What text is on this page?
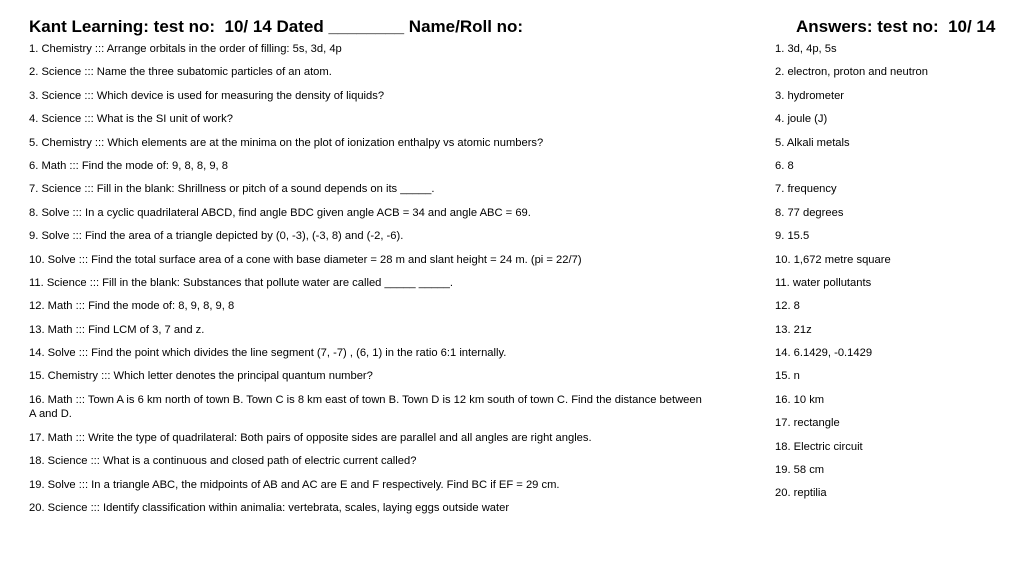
Kant Learning: test no:  10/ 14 Dated ________ Name/Roll no:	Answers: test no:  10/ 14
1. Chemistry ::: Arrange orbitals in the order of filling: 5s, 3d, 4p
2. Science ::: Name the three subatomic particles of an atom.
3. Science ::: Which device is used for measuring the density of liquids?
4. Science ::: What is the SI unit of work?
5. Chemistry ::: Which elements are at the minima on the plot of ionization enthalpy vs atomic numbers?
6. Math ::: Find the mode of: 9, 8, 8, 9, 8
7. Science ::: Fill in the blank: Shrillness or pitch of a sound depends on its _____.
8. Solve ::: In a cyclic quadrilateral ABCD, find angle BDC given angle ACB = 34 and angle ABC = 69.
9. Solve ::: Find the area of a triangle depicted by (0, -3), (-3, 8) and (-2, -6).
10. Solve ::: Find the total surface area of a cone with base diameter = 28 m and slant height = 24 m. (pi = 22/7)
11. Science ::: Fill in the blank: Substances that pollute water are called _____ _____.
12. Math ::: Find the mode of: 8, 9, 8, 9, 8
13. Math ::: Find LCM of 3, 7 and z.
14. Solve ::: Find the point which divides the line segment (7, -7) , (6, 1) in the ratio 6:1 internally.
15. Chemistry ::: Which letter denotes the principal quantum number?
16. Math ::: Town A is 6 km north of town B. Town C is 8 km east of town B. Town D is 12 km south of town C. Find the distance between A and D.
17. Math ::: Write the type of quadrilateral: Both pairs of opposite sides are parallel and all angles are right angles.
18. Science ::: What is a continuous and closed path of electric current called?
19. Solve ::: In a triangle ABC, the midpoints of AB and AC are E and F respectively. Find BC if EF = 29 cm.
20. Science ::: Identify classification within animalia: vertebrata, scales, laying eggs outside water
1. 3d, 4p, 5s
2. electron, proton and neutron
3. hydrometer
4. joule (J)
5. Alkali metals
6. 8
7. frequency
8. 77 degrees
9. 15.5
10. 1,672 metre square
11. water pollutants
12. 8
13. 21z
14. 6.1429, -0.1429
15. n
16. 10 km
17. rectangle
18. Electric circuit
19. 58 cm
20. reptilia
